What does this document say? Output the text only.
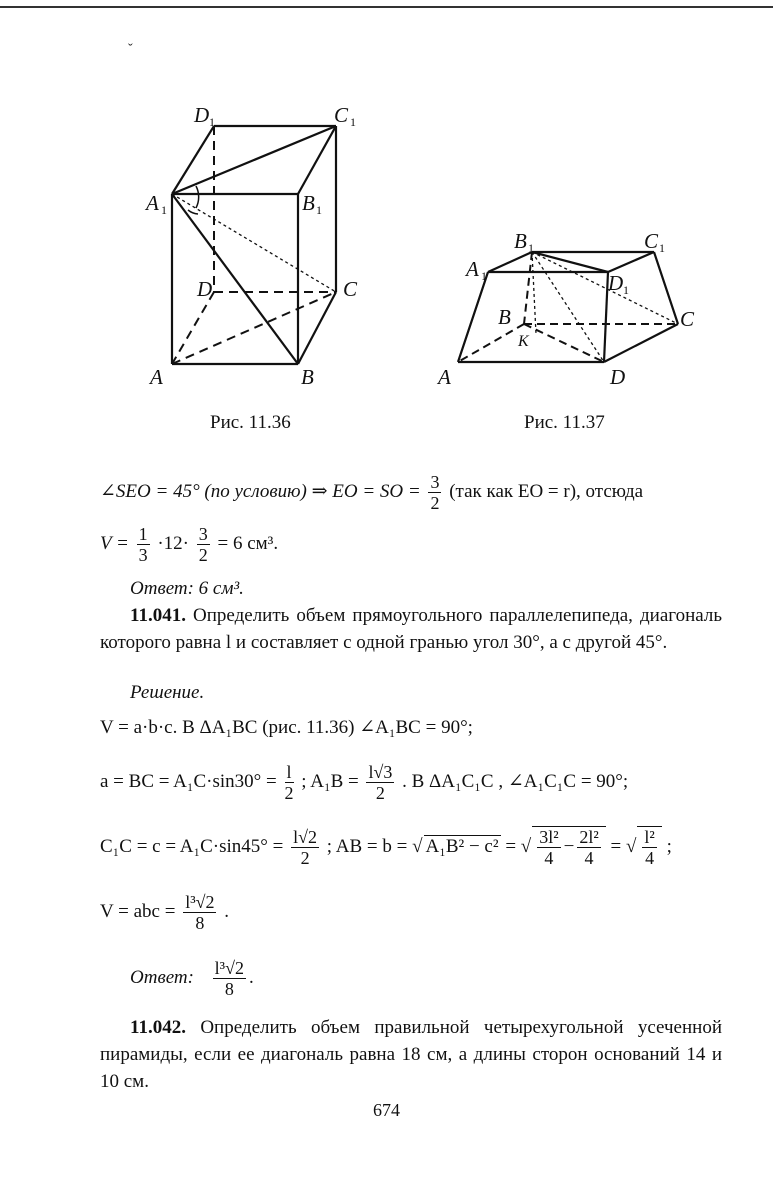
ˇ
D 1	C 1
A 1	B 1
D	C
A	B
B 1	C 1
A 1	D 1
B	C
K
A	D
Рис. 11.36	Рис. 11.37
∠SEO = 45° (по условию) ⇒ EO = SO = $\frac{3}{2} (так$ как EO = r), отсюда
$V = \frac{1}{3} \cdot 12\cdot \frac{3}{2} = 6$ см³.
Ответ: 6 см³.
11.041. Определить объем прямоугольного параллелепипеда, диагональ которого равна l и составляет с одной гранью угол 30°, а с другой 45°.
Решение.
V = a·b·c. В ΔA₁BC (рис. 11.36) ∠A₁BC = 90°;
a = BC = $A_1C\cdot\sin 30^\circ = \frac{l}{2}$ ; $A_1B = \frac{l√3}{2}$ . В ΔA₁C₁C , ∠A₁C₁C = 90°;
$C_1C = c = A_1C\cdot\sin 45^\circ = \frac{l√2}{2}$ ; AB = b = √ A₁B² − c² = √ $\frac{\text{3l²}}{4} - \frac{\text{2l²}}{4}$ = √ $\frac{\text{l²}}{4}$ ;
V = abc = $\frac{\text{l³√2}}{8}$ .
Ответ: $\frac{\text{l³√2}}{8}$ .
11.042. Определить объем правильной четырехугольной усеченной пирамиды, если ее диагональ равна 18 см, а длины сторон оснований 14 и 10 см.
674
